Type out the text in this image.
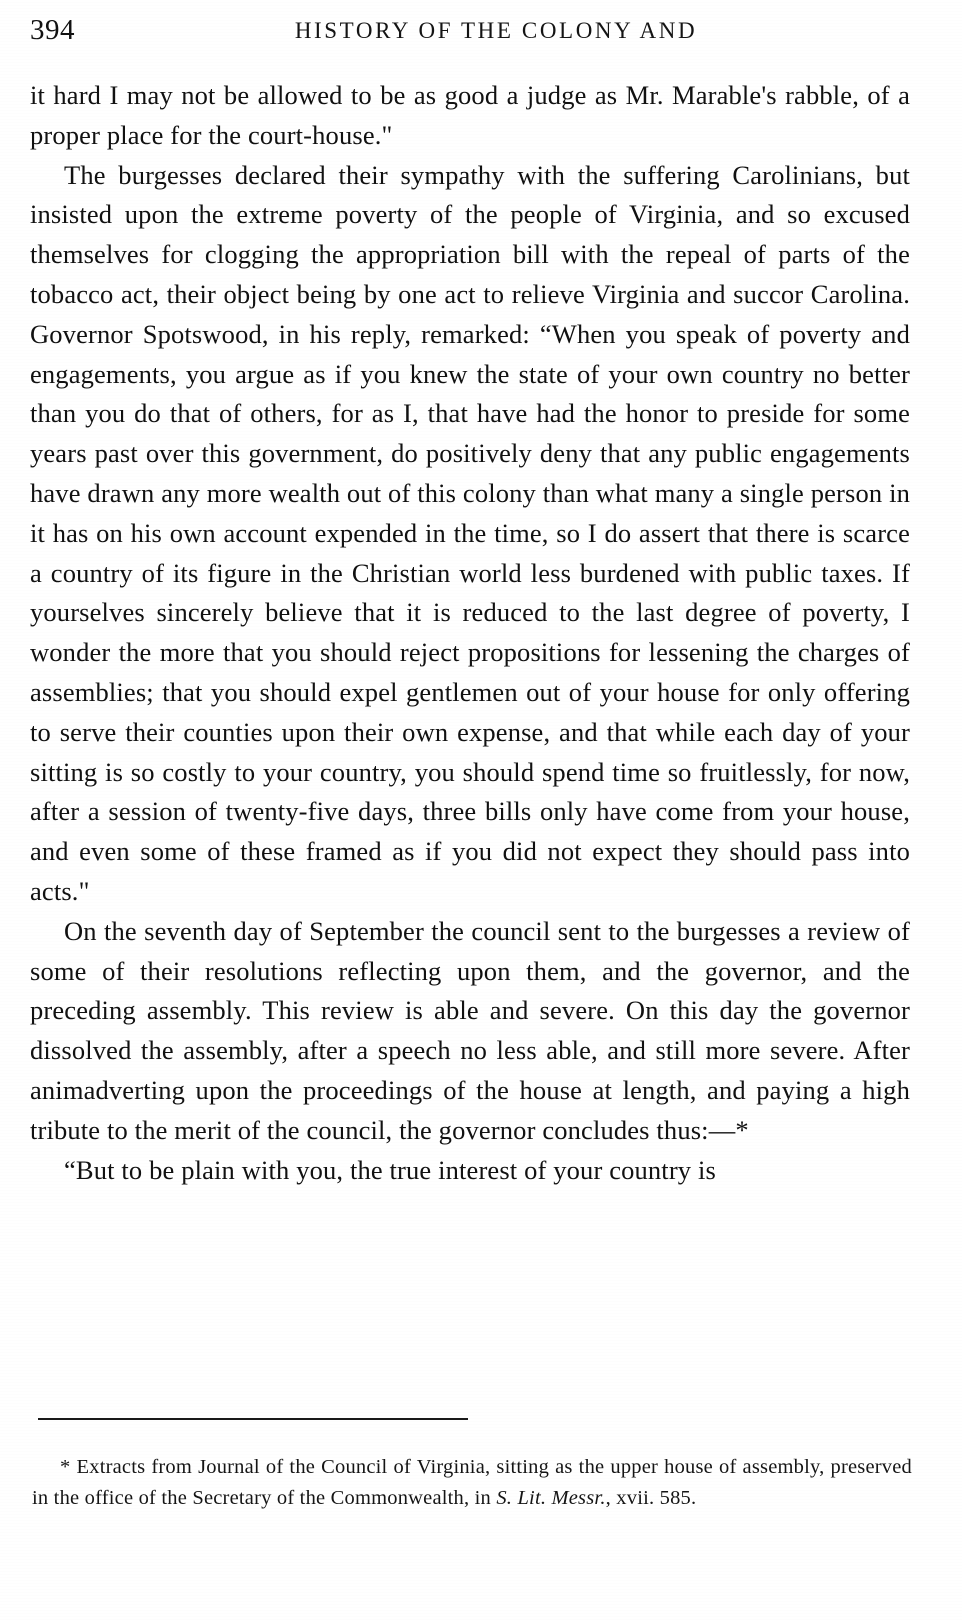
394	HISTORY OF THE COLONY AND

it hard I may not be allowed to be as good a judge as Mr. Marable's rabble, of a proper place for the court-house."

The burgesses declared their sympathy with the suffering Carolinians, but insisted upon the extreme poverty of the people of Virginia, and so excused themselves for clogging the appropriation bill with the repeal of parts of the tobacco act, their object being by one act to relieve Virginia and succor Carolina. Governor Spotswood, in his reply, remarked: “When you speak of poverty and engagements, you argue as if you knew the state of your own country no better than you do that of others, for as I, that have had the honor to preside for some years past over this government, do positively deny that any public engagements have drawn any more wealth out of this colony than what many a single person in it has on his own account expended in the time, so I do assert that there is scarce a country of its figure in the Christian world less burdened with public taxes. If yourselves sincerely believe that it is reduced to the last degree of poverty, I wonder the more that you should reject propositions for lessening the charges of assemblies; that you should expel gentlemen out of your house for only offering to serve their counties upon their own expense, and that while each day of your sitting is so costly to your country, you should spend time so fruitlessly, for now, after a session of twenty-five days, three bills only have come from your house, and even some of these framed as if you did not expect they should pass into acts."

On the seventh day of September the council sent to the burgesses a review of some of their resolutions reflecting upon them, and the governor, and the preceding assembly. This review is able and severe. On this day the governor dissolved the assembly, after a speech no less able, and still more severe. After animadverting upon the proceedings of the house at length, and paying a high tribute to the merit of the council, the governor concludes thus:—*

“But to be plain with you, the true interest of your country is

* Extracts from Journal of the Council of Virginia, sitting as the upper house of assembly, preserved in the office of the Secretary of the Commonwealth, in S. Lit. Messr., xvii. 585.
